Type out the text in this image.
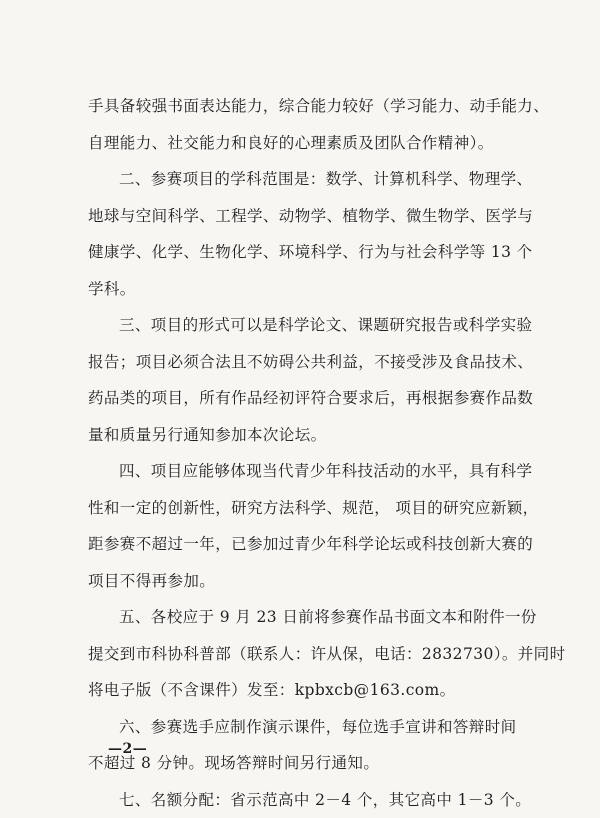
手具备较强书面表达能力，综合能力较好（学习能力、动手能力、
自理能力、社交能力和良好的心理素质及团队合作精神）。
二、参赛项目的学科范围是：数学、计算机科学、物理学、
地球与空间科学、工程学、动物学、植物学、微生物学、医学与
健康学、化学、生物化学、环境科学、行为与社会科学等 13 个
学科。
三、项目的形式可以是科学论文、课题研究报告或科学实验
报告；项目必须合法且不妨碍公共利益，不接受涉及食品技术、
药品类的项目，所有作品经初评符合要求后，再根据参赛作品数
量和质量另行通知参加本次论坛。
四、项目应能够体现当代青少年科技活动的水平，具有科学
性和一定的创新性，研究方法科学、规范， 项目的研究应新颖，
距参赛不超过一年，已参加过青少年科学论坛或科技创新大赛的
项目不得再参加。
五、各校应于 9 月 23 日前将参赛作品书面文本和附件一份
提交到市科协科普部（联系人：许从保，电话：2832730）。并同时
将电子版（不含课件）发至：kpbxcb@163.com。
六、参赛选手应制作演示课件，每位选手宣讲和答辩时间
不超过 8 分钟。现场答辩时间另行通知。
七、名额分配：省示范高中 2－4 个，其它高中 1－3 个。
—2—
